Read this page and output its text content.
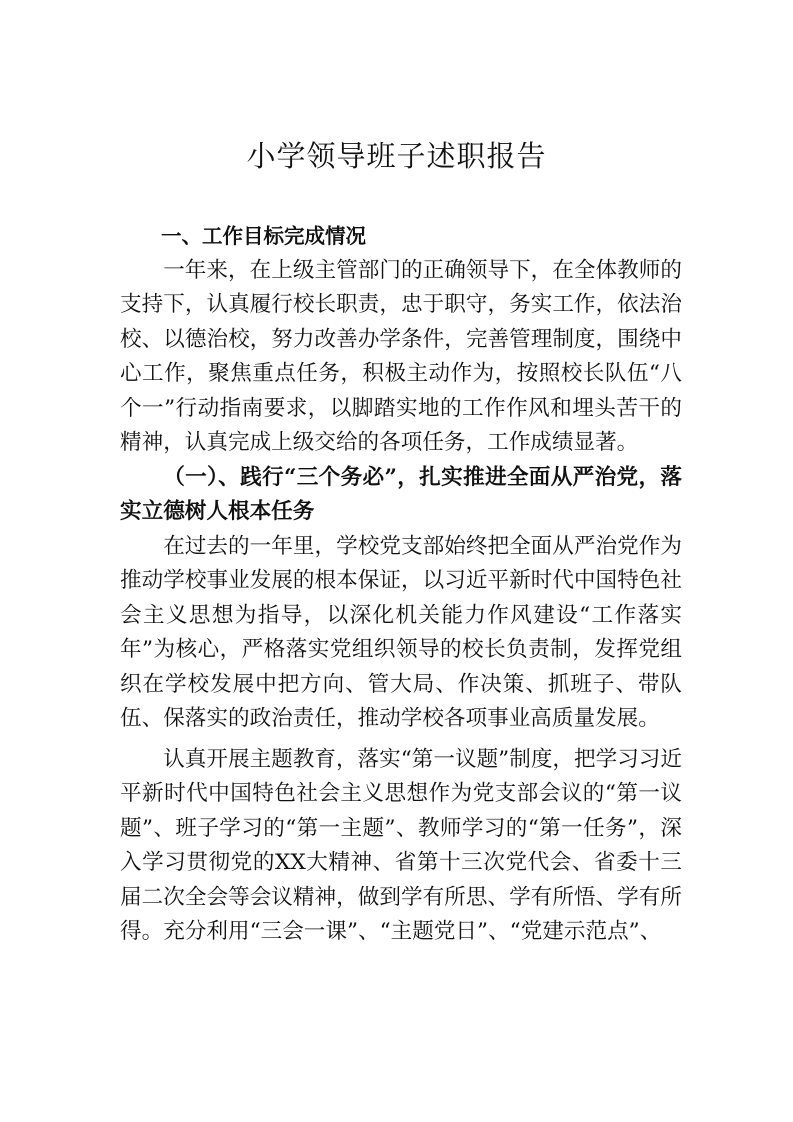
小学领导班子述职报告

一、工作目标完成情况

一年来，在上级主管部门的正确领导下，在全体教师的支持下，认真履行校长职责，忠于职守，务实工作，依法治校、以德治校，努力改善办学条件，完善管理制度，围绕中心工作，聚焦重点任务，积极主动作为，按照校长队伍“八个一”行动指南要求，以脚踏实地的工作作风和埋头苦干的精神，认真完成上级交给的各项任务，工作成绩显著。

（一）、践行“三个务必”，扎实推进全面从严治党，落实立德树人根本任务

在过去的一年里，学校党支部始终把全面从严治党作为推动学校事业发展的根本保证，以习近平新时代中国特色社会主义思想为指导，以深化机关能力作风建设“工作落实年”为核心，严格落实党组织领导的校长负责制，发挥党组织在学校发展中把方向、管大局、作决策、抓班子、带队伍、保落实的政治责任，推动学校各项事业高质量发展。

认真开展主题教育，落实“第一议题”制度，把学习习近平新时代中国特色社会主义思想作为党支部会议的“第一议题”、班子学习的“第一主题”、教师学习的“第一任务”，深入学习贯彻党的XX大精神、省第十三次党代会、省委十三届二次全会等会议精神，做到学有所思、学有所悟、学有所得。充分利用“三会一课”、“主题党日”、“党建示范点”、
